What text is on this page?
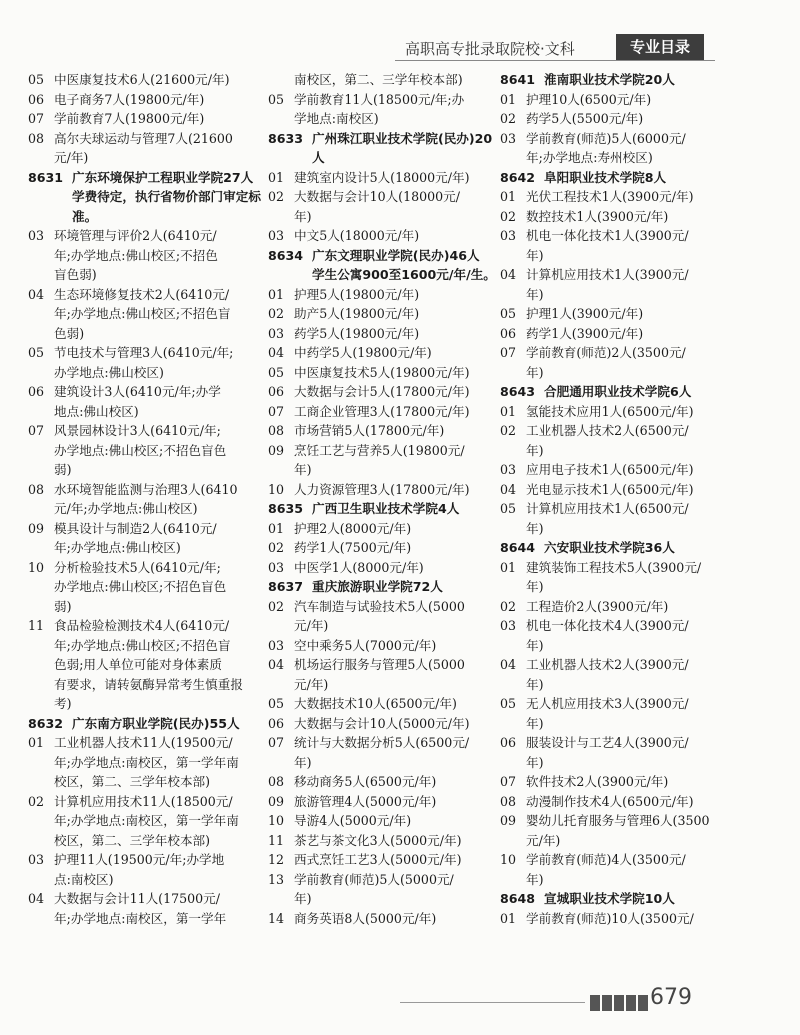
高职高专批录取院校·文科	专业目录
05 中医康复技术6人(21600元/年)
06 电子商务7人(19800元/年)
07 学前教育7人(19800元/年)
08 高尔夫球运动与管理7人(21600
元/年)
8631 广东环境保护工程职业学院27人
学费待定，执行省物价部门审定标
准。
03 环境管理与评价2人(6410元/
年;办学地点:佛山校区;不招色
盲色弱)
04 生态环境修复技术2人(6410元/
年;办学地点:佛山校区;不招色盲
色弱)
05 节电技术与管理3人(6410元/年;
办学地点:佛山校区)
06 建筑设计3人(6410元/年;办学
地点:佛山校区)
07 风景园林设计3人(6410元/年;
办学地点:佛山校区;不招色盲色
弱)
08 水环境智能监测与治理3人(6410
元/年;办学地点:佛山校区)
09 模具设计与制造2人(6410元/
年;办学地点:佛山校区)
10 分析检验技术5人(6410元/年;
办学地点:佛山校区;不招色盲色
弱)
11 食品检验检测技术4人(6410元/
年;办学地点:佛山校区;不招色盲
色弱;用人单位可能对身体素质
有要求，请转氨酶异常考生慎重报
考)
8632 广东南方职业学院(民办)55人
01 工业机器人技术11人(19500元/
年;办学地点:南校区，第一学年南
校区，第二、三学年校本部)
02 计算机应用技术11人(18500元/
年;办学地点:南校区，第一学年南
校区，第二、三学年校本部)
03 护理11人(19500元/年;办学地
点:南校区)
04 大数据与会计11人(17500元/
年;办学地点:南校区，第一学年
南校区，第二、三学年校本部)
05 学前教育11人(18500元/年;办
学地点:南校区)
8633 广州珠江职业技术学院(民办)20
人
01 建筑室内设计5人(18000元/年)
02 大数据与会计10人(18000元/
年)
03 中文5人(18000元/年)
8634 广东文理职业学院(民办)46人
学生公寓900至1600元/年/生。
01 护理5人(19800元/年)
02 助产5人(19800元/年)
03 药学5人(19800元/年)
04 中药学5人(19800元/年)
05 中医康复技术5人(19800元/年)
06 大数据与会计5人(17800元/年)
07 工商企业管理3人(17800元/年)
08 市场营销5人(17800元/年)
09 烹饪工艺与营养5人(19800元/
年)
10 人力资源管理3人(17800元/年)
8635 广西卫生职业技术学院4人
01 护理2人(8000元/年)
02 药学1人(7500元/年)
03 中医学1人(8000元/年)
8637 重庆旅游职业学院72人
02 汽车制造与试验技术5人(5000
元/年)
03 空中乘务5人(7000元/年)
04 机场运行服务与管理5人(5000
元/年)
05 大数据技术10人(6500元/年)
06 大数据与会计10人(5000元/年)
07 统计与大数据分析5人(6500元/
年)
08 移动商务5人(6500元/年)
09 旅游管理4人(5000元/年)
10 导游4人(5000元/年)
11 茶艺与茶文化3人(5000元/年)
12 西式烹饪工艺3人(5000元/年)
13 学前教育(师范)5人(5000元/
年)
14 商务英语8人(5000元/年)
8641 淮南职业技术学院20人
01 护理10人(6500元/年)
02 药学5人(5500元/年)
03 学前教育(师范)5人(6000元/
年;办学地点:寿州校区)
8642 阜阳职业技术学院8人
01 光伏工程技术1人(3900元/年)
02 数控技术1人(3900元/年)
03 机电一体化技术1人(3900元/
年)
04 计算机应用技术1人(3900元/
年)
05 护理1人(3900元/年)
06 药学1人(3900元/年)
07 学前教育(师范)2人(3500元/
年)
8643 合肥通用职业技术学院6人
01 氢能技术应用1人(6500元/年)
02 工业机器人技术2人(6500元/
年)
03 应用电子技术1人(6500元/年)
04 光电显示技术1人(6500元/年)
05 计算机应用技术1人(6500元/
年)
8644 六安职业技术学院36人
01 建筑装饰工程技术5人(3900元/
年)
02 工程造价2人(3900元/年)
03 机电一体化技术4人(3900元/
年)
04 工业机器人技术2人(3900元/
年)
05 无人机应用技术3人(3900元/
年)
06 服装设计与工艺4人(3900元/
年)
07 软件技术2人(3900元/年)
08 动漫制作技术4人(6500元/年)
09 婴幼儿托育服务与管理6人(3500
元/年)
10 学前教育(师范)4人(3500元/
年)
8648 宣城职业技术学院10人
01 学前教育(师范)10人(3500元/
679
